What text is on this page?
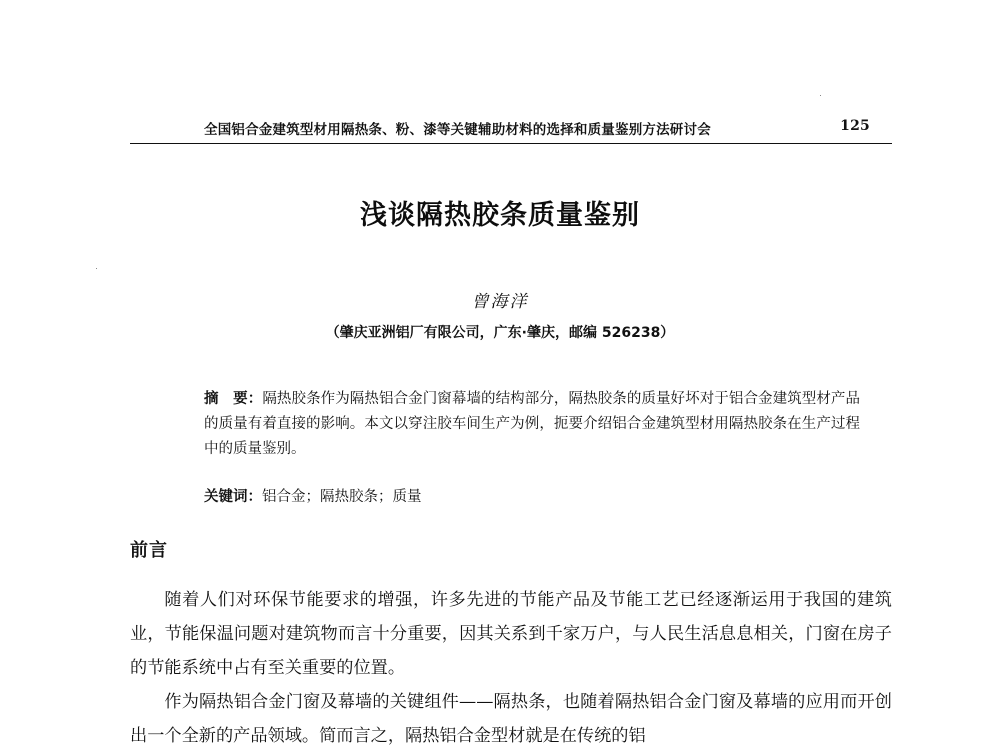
全国铝合金建筑型材用隔热条、粉、漆等关键辅助材料的选择和质量鉴别方法研讨会	125
浅谈隔热胶条质量鉴别
曾海洋
（肇庆亚洲铝厂有限公司，广东·肇庆，邮编 526238）

摘　要：隔热胶条作为隔热铝合金门窗幕墙的结构部分，隔热胶条的质量好坏对于铝合金建筑型材产品的质量有着直接的影响。本文以穿注胶车间生产为例，扼要介绍铝合金建筑型材用隔热胶条在生产过程中的质量鉴别。

关键词：铝合金；隔热胶条；质量
前言

随着人们对环保节能要求的增强，许多先进的节能产品及节能工艺已经逐渐运用于我国的建筑业，节能保温问题对建筑物而言十分重要，因其关系到千家万户，与人民生活息息相关，门窗在房子的节能系统中占有至关重要的位置。

作为隔热铝合金门窗及幕墙的关键组件——隔热条，也随着隔热铝合金门窗及幕墙的应用而开创出一个全新的产品领域。简而言之，隔热铝合金型材就是在传统的铝
